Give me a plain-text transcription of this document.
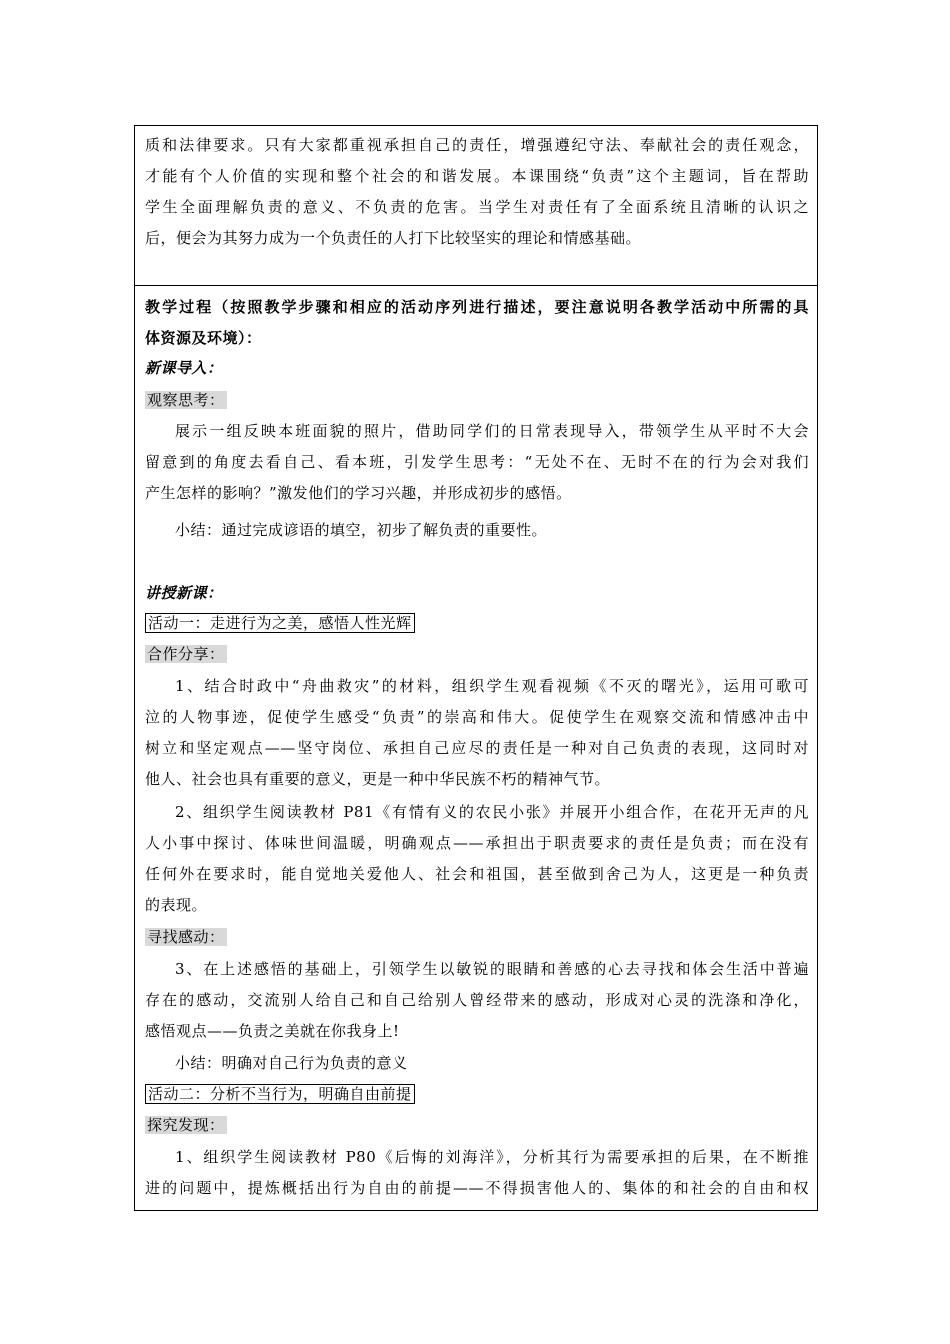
质和法律要求。只有大家都重视承担自己的责任，增强遵纪守法、奉献社会的责任观念，
才能有个人价值的实现和整个社会的和谐发展。本课围绕“负责”这个主题词，旨在帮助
学生全面理解负责的意义、不负责的危害。当学生对责任有了全面系统且清晰的认识之
后，便会为其努力成为一个负责任的人打下比较坚实的理论和情感基础。
教学过程（按照教学步骤和相应的活动序列进行描述，要注意说明各教学活动中所需的具
体资源及环境）：
新课导入：
观察思考：
展示一组反映本班面貌的照片，借助同学们的日常表现导入，带领学生从平时不大会
留意到的角度去看自己、看本班，引发学生思考：“无处不在、无时不在的行为会对我们
产生怎样的影响？”激发他们的学习兴趣，并形成初步的感悟。
小结：通过完成谚语的填空，初步了解负责的重要性。
讲授新课：
活动一：走进行为之美，感悟人性光辉
合作分享：
1、结合时政中“舟曲救灾”的材料，组织学生观看视频《不灭的曙光》，运用可歌可
泣的人物事迹，促使学生感受“负责”的崇高和伟大。促使学生在观察交流和情感冲击中
树立和坚定观点——坚守岗位、承担自己应尽的责任是一种对自己负责的表现，这同时对
他人、社会也具有重要的意义，更是一种中华民族不朽的精神气节。
2、组织学生阅读教材 P81《有情有义的农民小张》并展开小组合作，在花开无声的凡
人小事中探讨、体味世间温暖，明确观点——承担出于职责要求的责任是负责；而在没有
任何外在要求时，能自觉地关爱他人、社会和祖国，甚至做到舍己为人，这更是一种负责
的表现。
寻找感动：
3、在上述感悟的基础上，引领学生以敏锐的眼睛和善感的心去寻找和体会生活中普遍
存在的感动，交流别人给自己和自己给别人曾经带来的感动，形成对心灵的洗涤和净化，
感悟观点——负责之美就在你我身上!
小结：明确对自己行为负责的意义
活动二：分析不当行为，明确自由前提
探究发现：
1、组织学生阅读教材 P80《后悔的刘海洋》，分析其行为需要承担的后果，在不断推
进的问题中，提炼概括出行为自由的前提——不得损害他人的、集体的和社会的自由和权
